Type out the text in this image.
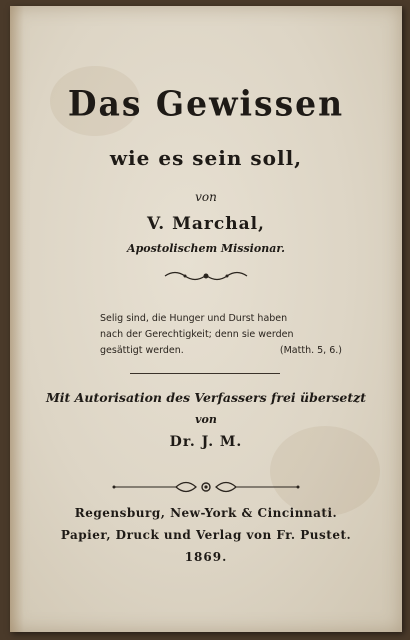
Das Gewissen
wie es sein soll,
von
V. Marchal,
Apostolischem Missionar.
Selig sind, die Hunger und Durst haben
nach der Gerechtigkeit; denn sie werden
gesättigt werden.	(Matth. 5, 6.)
Mit Autorisation des Verfassers frei übersetzt
von
Dr. J. M.
Regensburg, New-York & Cincinnati.
Papier, Druck und Verlag von Fr. Pustet.
1869.
